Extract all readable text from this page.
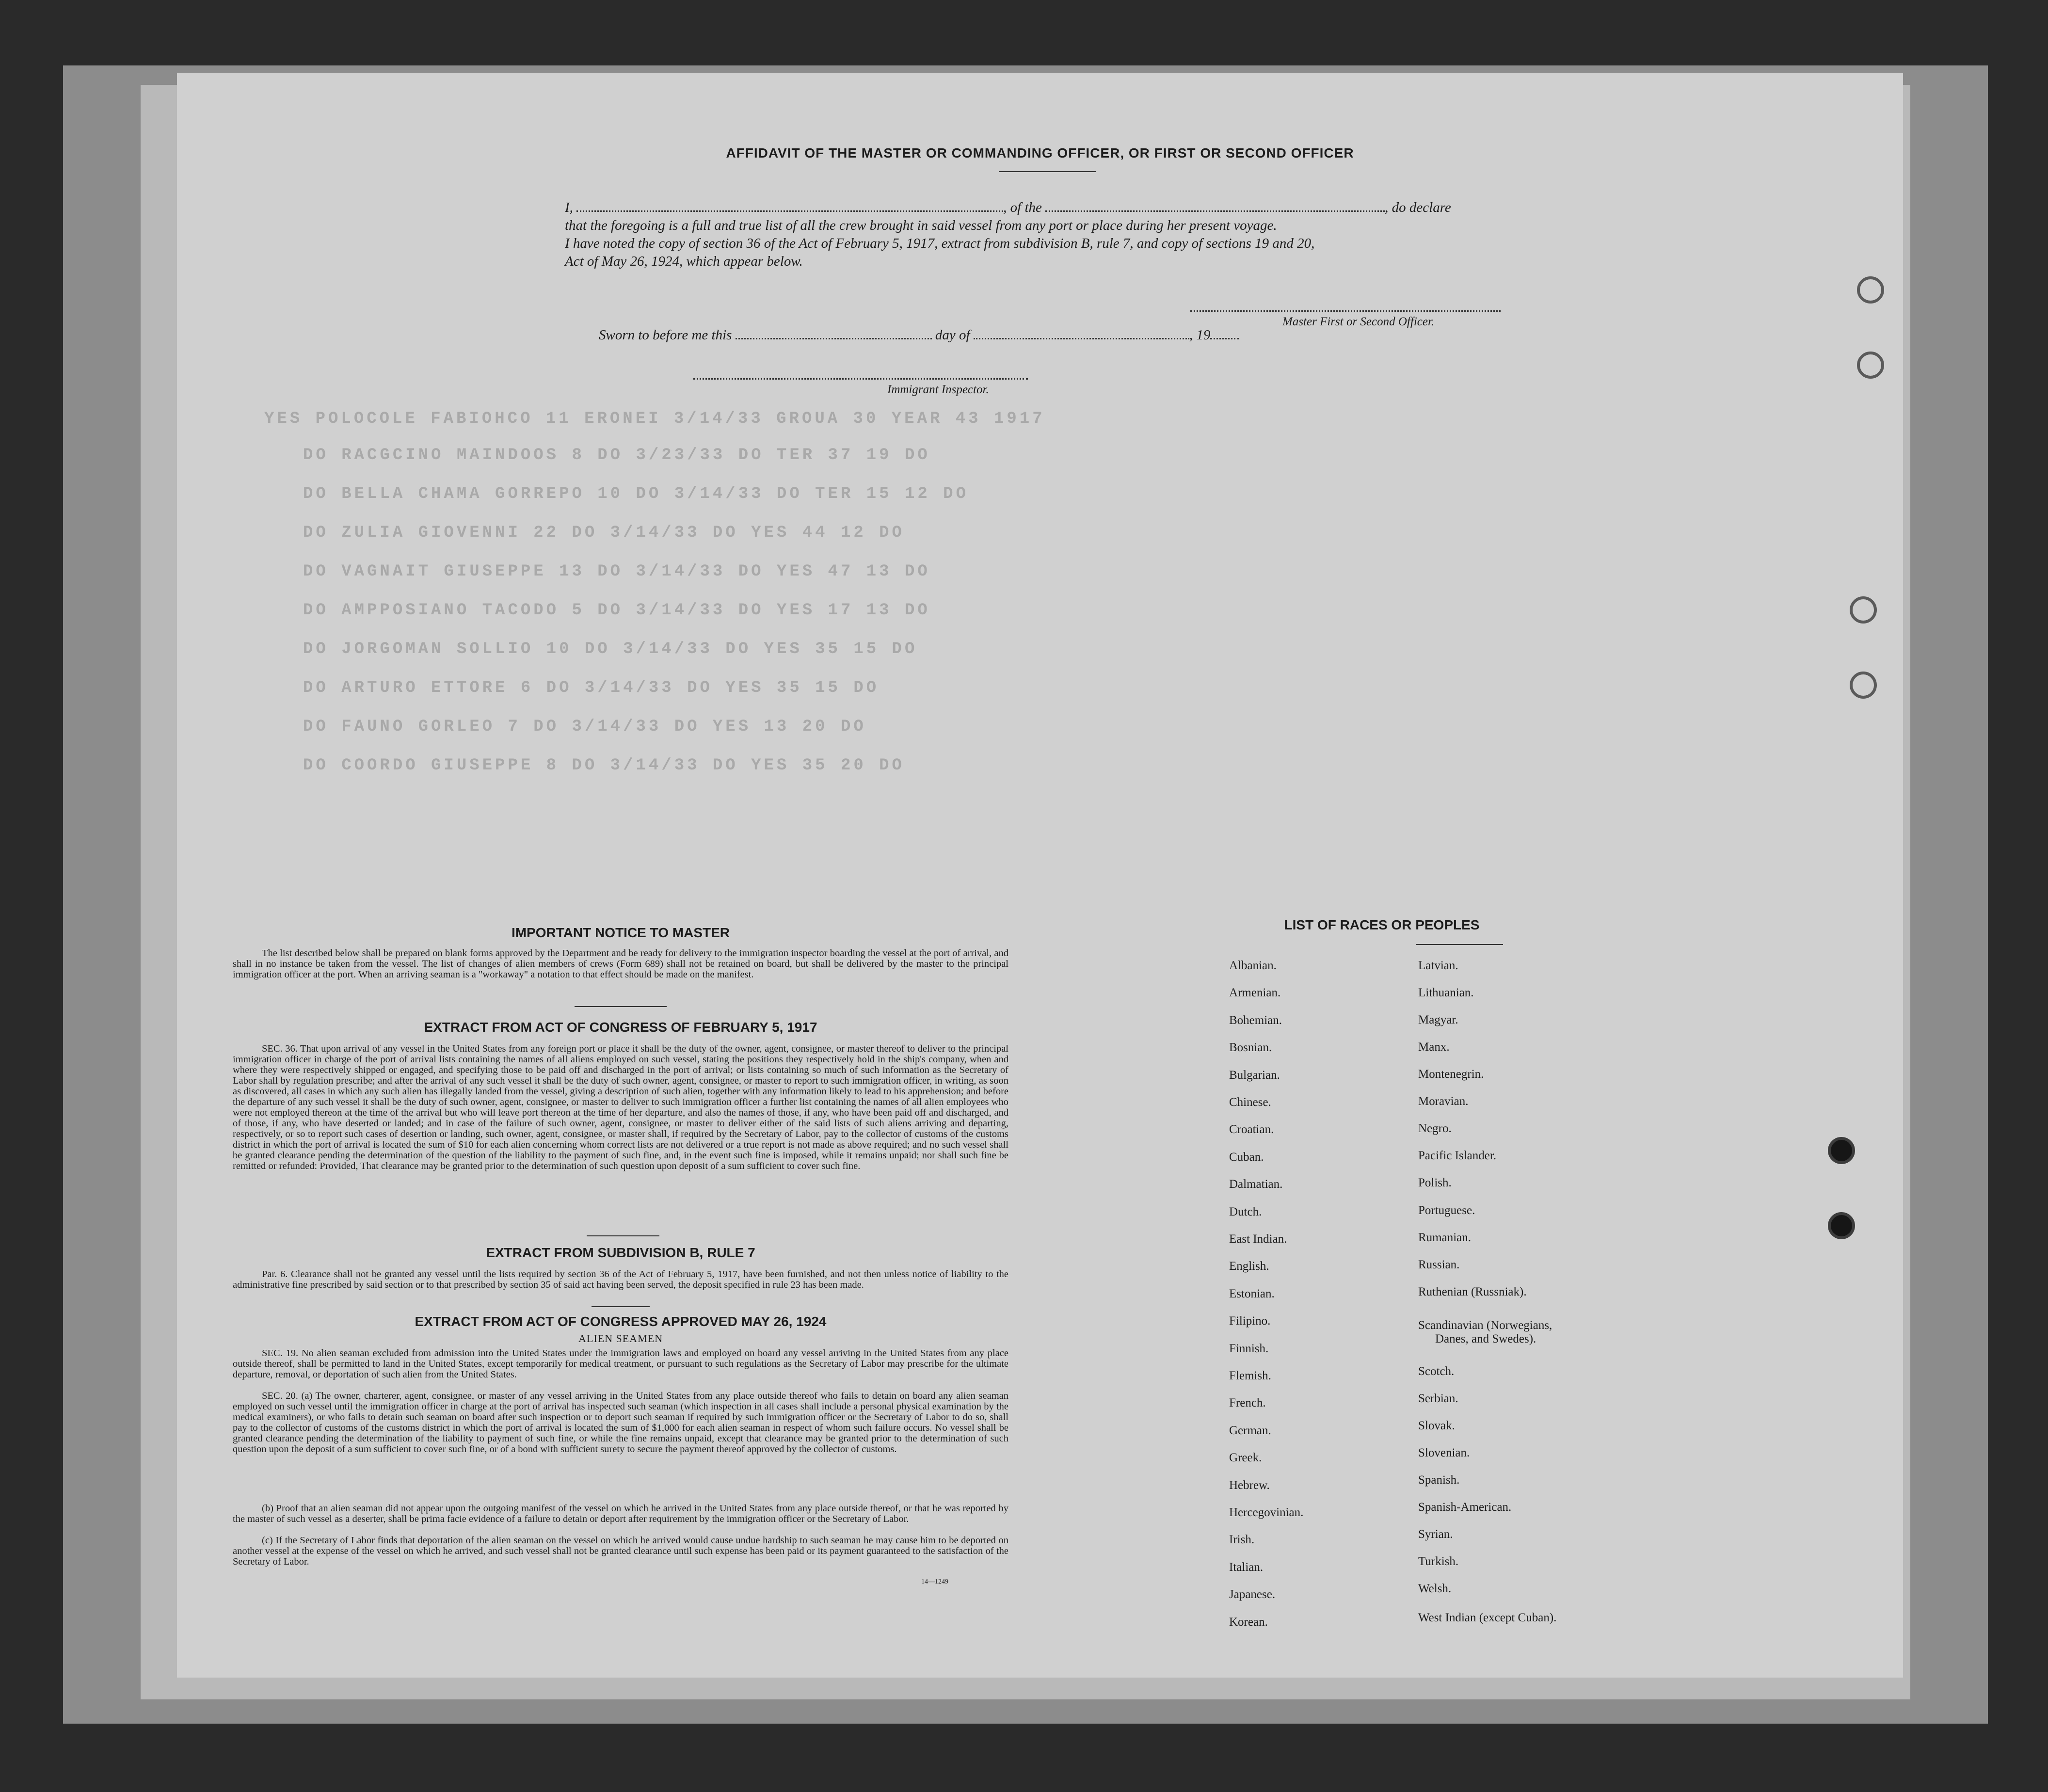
YES POLOCOLE FABIOHCO 11 ERONEI 3/14/33 GROUA 30 YEAR 43 1917
DO RACGCINO MAINDOOS 8 DO 3/23/33 DO TER 37 19 DO
DO BELLA CHAMA GORREPO 10 DO 3/14/33 DO TER 15 12 DO
DO ZULIA GIOVENNI 22 DO 3/14/33 DO YES 44 12 DO
DO VAGNAIT GIUSEPPE 13 DO 3/14/33 DO YES 47 13 DO
DO AMPPOSIANO TACODO 5 DO 3/14/33 DO YES 17 13 DO
DO JORGOMAN SOLLIO 10 DO 3/14/33 DO YES 35 15 DO
DO ARTURO ETTORE 6 DO 3/14/33 DO YES 35 15 DO
DO FAUNO GORLEO 7 DO 3/14/33 DO YES 13 20 DO
DO COORDO GIUSEPPE 8 DO 3/14/33 DO YES 35 20 DO
AFFIDAVIT OF THE MASTER OR COMMANDING OFFICER, OR FIRST OR SECOND OFFICER
I,	, of the	, do declare
that the foregoing is a full and true list of all the crew brought in said vessel from any port or place during her present voyage.
I have noted the copy of section 36 of the Act of February 5, 1917, extract from subdivision B, rule 7, and copy of sections 19 and 20,
Act of May 26, 1924, which appear below.
Master First or Second Officer.
Sworn to before me this	day of	, 19
Immigrant Inspector.
IMPORTANT NOTICE TO MASTER
The list described below shall be prepared on blank forms approved by the Department and be ready for delivery to the immigration inspector boarding the vessel at the port of arrival, and shall in no instance be taken from the vessel. The list of changes of alien members of crews (Form 689) shall not be retained on board, but shall be delivered by the master to the principal immigration officer at the port. When an arriving seaman is a "workaway" a notation to that effect should be made on the manifest.
EXTRACT FROM ACT OF CONGRESS OF FEBRUARY 5, 1917
SEC. 36. That upon arrival of any vessel in the United States from any foreign port or place it shall be the duty of the owner, agent, consignee, or master thereof to deliver to the principal immigration officer in charge of the port of arrival lists containing the names of all aliens employed on such vessel, stating the positions they respectively hold in the ship's company, when and where they were respectively shipped or engaged, and specifying those to be paid off and discharged in the port of arrival; or lists containing so much of such information as the Secretary of Labor shall by regulation prescribe; and after the arrival of any such vessel it shall be the duty of such owner, agent, consignee, or master to report to such immigration officer, in writing, as soon as discovered, all cases in which any such alien has illegally landed from the vessel, giving a description of such alien, together with any information likely to lead to his apprehension; and before the departure of any such vessel it shall be the duty of such owner, agent, consignee, or master to deliver to such immigration officer a further list containing the names of all alien employees who were not employed thereon at the time of the arrival but who will leave port thereon at the time of her departure, and also the names of those, if any, who have been paid off and discharged, and of those, if any, who have deserted or landed; and in case of the failure of such owner, agent, consignee, or master to deliver either of the said lists of such aliens arriving and departing, respectively, or so to report such cases of desertion or landing, such owner, agent, consignee, or master shall, if required by the Secretary of Labor, pay to the collector of customs of the customs district in which the port of arrival is located the sum of $10 for each alien concerning whom correct lists are not delivered or a true report is not made as above required; and no such vessel shall be granted clearance pending the determination of the question of the liability to the payment of such fine, and, in the event such fine is imposed, while it remains unpaid; nor shall such fine be remitted or refunded: Provided, That clearance may be granted prior to the determination of such question upon deposit of a sum sufficient to cover such fine.
EXTRACT FROM SUBDIVISION B, RULE 7
Par. 6. Clearance shall not be granted any vessel until the lists required by section 36 of the Act of February 5, 1917, have been furnished, and not then unless notice of liability to the administrative fine prescribed by said section or to that prescribed by section 35 of said act having been served, the deposit specified in rule 23 has been made.
EXTRACT FROM ACT OF CONGRESS APPROVED MAY 26, 1924
ALIEN SEAMEN
SEC. 19. No alien seaman excluded from admission into the United States under the immigration laws and employed on board any vessel arriving in the United States from any place outside thereof, shall be permitted to land in the United States, except temporarily for medical treatment, or pursuant to such regulations as the Secretary of Labor may prescribe for the ultimate departure, removal, or deportation of such alien from the United States.
SEC. 20. (a) The owner, charterer, agent, consignee, or master of any vessel arriving in the United States from any place outside thereof who fails to detain on board any alien seaman employed on such vessel until the immigration officer in charge at the port of arrival has inspected such seaman (which inspection in all cases shall include a personal physical examination by the medical examiners), or who fails to detain such seaman on board after such inspection or to deport such seaman if required by such immigration officer or the Secretary of Labor to do so, shall pay to the collector of customs of the customs district in which the port of arrival is located the sum of $1,000 for each alien seaman in respect of whom such failure occurs. No vessel shall be granted clearance pending the determination of the liability to payment of such fine, or while the fine remains unpaid, except that clearance may be granted prior to the determination of such question upon the deposit of a sum sufficient to cover such fine, or of a bond with sufficient surety to secure the payment thereof approved by the collector of customs.
(b) Proof that an alien seaman did not appear upon the outgoing manifest of the vessel on which he arrived in the United States from any place outside thereof, or that he was reported by the master of such vessel as a deserter, shall be prima facie evidence of a failure to detain or deport after requirement by the immigration officer or the Secretary of Labor.
(c) If the Secretary of Labor finds that deportation of the alien seaman on the vessel on which he arrived would cause undue hardship to such seaman he may cause him to be deported on another vessel at the expense of the vessel on which he arrived, and such vessel shall not be granted clearance until such expense has been paid or its payment guaranteed to the satisfaction of the Secretary of Labor.
14—1249
LIST OF RACES OR PEOPLES
Albanian.
Armenian.
Bohemian.
Bosnian.
Bulgarian.
Chinese.
Croatian.
Cuban.
Dalmatian.
Dutch.
East Indian.
English.
Estonian.
Filipino.
Finnish.
Flemish.
French.
German.
Greek.
Hebrew.
Hercegovinian.
Irish.
Italian.
Japanese.
Korean.
Latvian.
Lithuanian.
Magyar.
Manx.
Montenegrin.
Moravian.
Negro.
Pacific Islander.
Polish.
Portuguese.
Rumanian.
Russian.
Ruthenian (Russniak).
Scandinavian (Norwegians,
Danes, and Swedes).
Scotch.
Serbian.
Slovak.
Slovenian.
Spanish.
Spanish-American.
Syrian.
Turkish.
Welsh.
West Indian (except Cuban).
